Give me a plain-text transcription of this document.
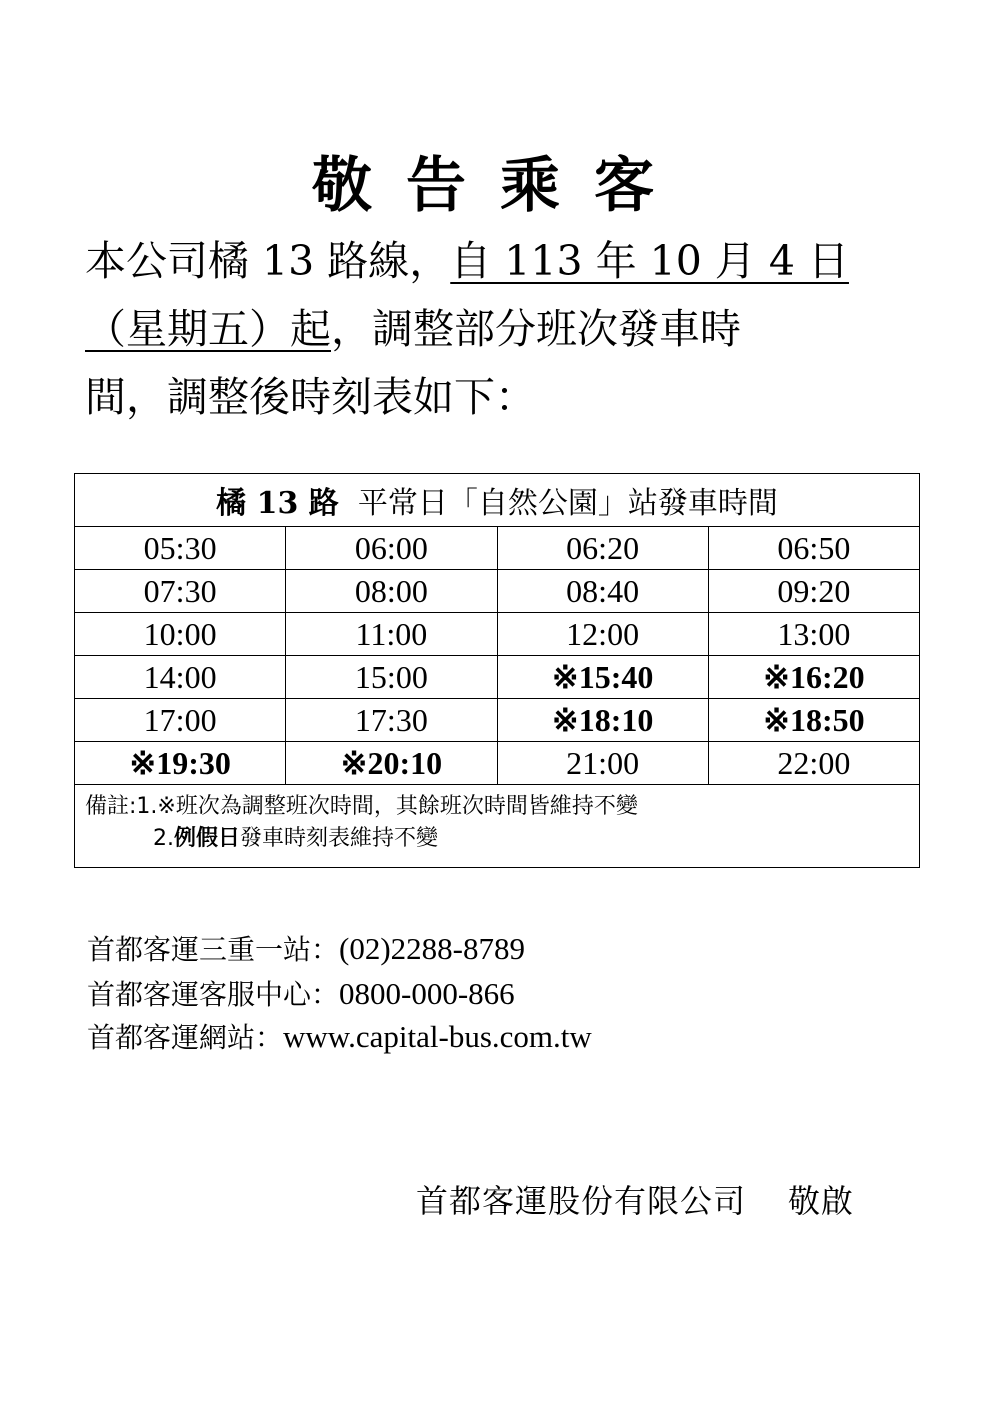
敬告乘客
本公司橘 13 路線，自 113 年 10 月 4 日
（星期五）起，調整部分班次發車時
間，調整後時刻表如下：
橘 13 路 平常日「自然公園」站發車時間			
05:30	06:00	06:20	06:50
07:30	08:00	08:40	09:20
10:00	11:00	12:00	13:00
14:00	15:00	※15:40	※16:20
17:00	17:30	※18:10	※18:50
※19:30	※20:10	21:00	22:00

備註:1.※班次為調整班次時間，其餘班次時間皆維持不變
2.例假日發車時刻表維持不變			
首都客運三重一站：(02)2288-8789
首都客運客服中心：0800-000-866
首都客運網站：www.capital-bus.com.tw
首都客運股份有限公司 敬啟
